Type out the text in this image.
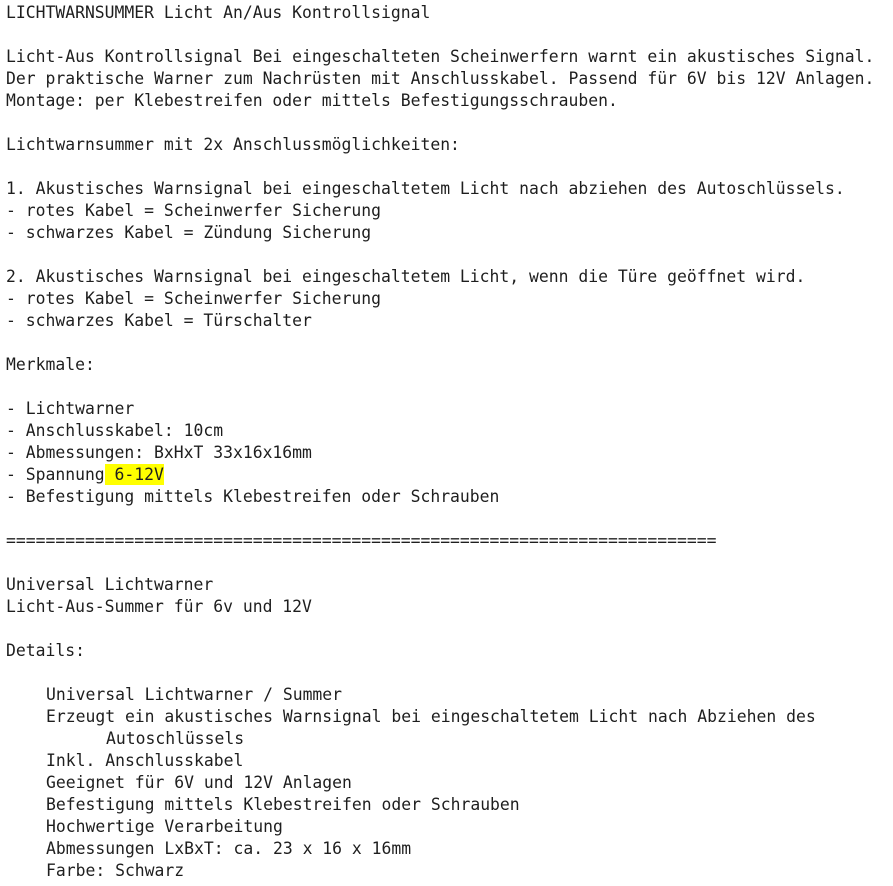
LICHTWARNSUMMER Licht An/Aus Kontrollsignal
Licht-Aus Kontrollsignal Bei eingeschalteten Scheinwerfern warnt ein akustisches Signal.
Der praktische Warner zum Nachrüsten mit Anschlusskabel. Passend für 6V bis 12V Anlagen.
Montage: per Klebestreifen oder mittels Befestigungsschrauben.
Lichtwarnsummer mit 2x Anschlussmöglichkeiten:
1. Akustisches Warnsignal bei eingeschaltetem Licht nach abziehen des Autoschlüssels.
- rotes Kabel = Scheinwerfer Sicherung
- schwarzes Kabel = Zündung Sicherung
2. Akustisches Warnsignal bei eingeschaltetem Licht, wenn die Türe geöffnet wird.
- rotes Kabel = Scheinwerfer Sicherung
- schwarzes Kabel = Türschalter
Merkmale:
- Lichtwarner
- Anschlusskabel: 10cm
- Abmessungen: BxHxT 33x16x16mm
- Spannung 6-12V
- Befestigung mittels Klebestreifen oder Schrauben
========================================================================
Universal Lichtwarner
Licht-Aus-Summer für 6v und 12V
Details:
Universal Lichtwarner / Summer
Erzeugt ein akustisches Warnsignal bei eingeschaltetem Licht nach Abziehen des
Autoschlüssels
Inkl. Anschlusskabel
Geeignet für 6V und 12V Anlagen
Befestigung mittels Klebestreifen oder Schrauben
Hochwertige Verarbeitung
Abmessungen LxBxT: ca. 23 x 16 x 16mm
Farbe: Schwarz
